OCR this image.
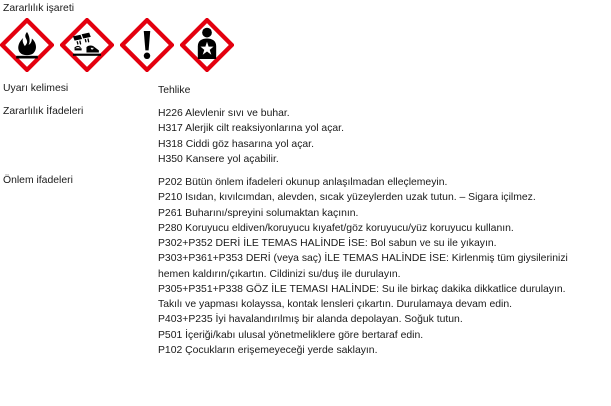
Zararlılık işareti
Uyarı kelimesi	Tehlike
Zararlılık İfadeleri	H226 Alevlenir sıvı ve buhar.
H317 Alerjik cilt reaksiyonlarına yol açar.
H318 Ciddi göz hasarına yol açar.
H350 Kansere yol açabilir.
Önlem ifadeleri	P202 Bütün önlem ifadeleri okunup anlaşılmadan elleçlemeyin.
P210 Isıdan, kıvılcımdan, alevden, sıcak yüzeylerden uzak tutun. – Sigara içilmez.
P261 Buharını/spreyini solumaktan kaçının.
P280 Koruyucu eldiven/koruyucu kıyafet/göz koruyucu/yüz koruyucu kullanın.
P302+P352 DERİ İLE TEMAS HALİNDE İSE: Bol sabun ve su ile yıkayın.
P303+P361+P353 DERİ (veya saç) İLE TEMAS HALİNDE İSE: Kirlenmiş tüm giysilerinizi
hemen kaldırın/çıkartın. Cildinizi su/duş ile durulayın.
P305+P351+P338 GÖZ İLE TEMASI HALİNDE: Su ile birkaç dakika dikkatlice durulayın.
Takılı ve yapması kolayssa, kontak lensleri çıkartın. Durulamaya devam edin.
P403+P235 İyi havalandırılmış bir alanda depolayan. Soğuk tutun.
P501 İçeriği/kabı ulusal yönetmeliklere göre bertaraf edin.
P102 Çocukların erişemeyeceği yerde saklayın.
